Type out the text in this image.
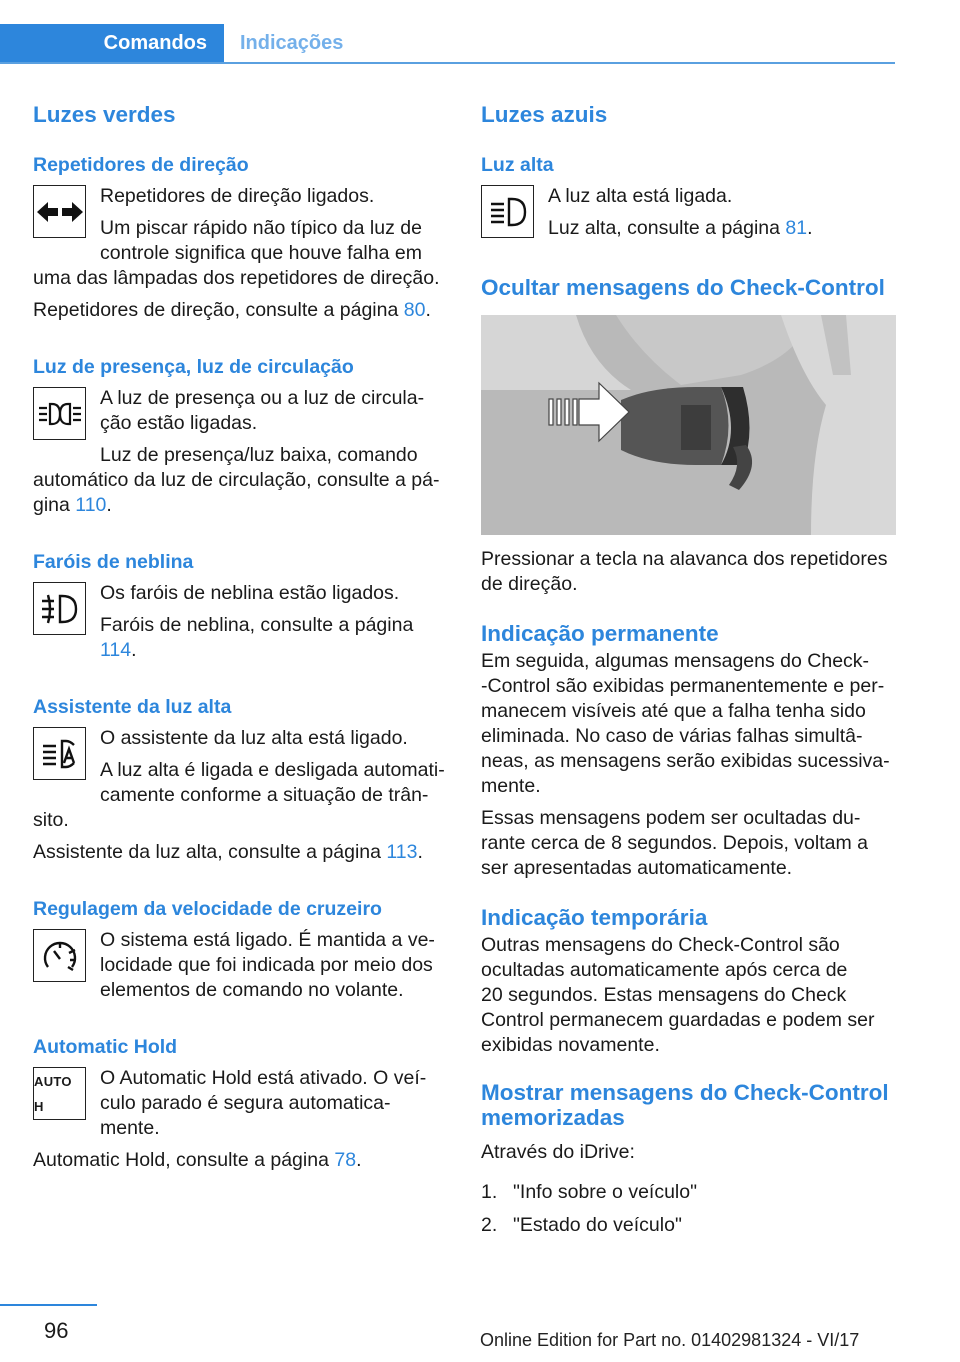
Comandos	Indicações
Luzes verdes
Repetidores de direção

Repetidores de direção ligados.

Um piscar rápido não típico da luz de

controle significa que houve falha em

uma das lâmpadas dos repetidores de direção.

Repetidores de direção, consulte a página 80.

Luz de presença, luz de circulação

A luz de presença ou a luz de circula‐

ção estão ligadas.

Luz de presença/luz baixa, comando

automático da luz de circulação, consulte a pá‐

gina 110.

Faróis de neblina

Os faróis de neblina estão ligados.

Faróis de neblina, consulte a página

114.

Assistente da luz alta

O assistente da luz alta está ligado.

A luz alta é ligada e desligada automati‐

camente conforme a situação de trân‐

sito.

Assistente da luz alta, consulte a página 113.

Regulagem da velocidade de cruzeiro

O sistema está ligado. É mantida a ve‐

locidade que foi indicada por meio dos

elementos de comando no volante.

Automatic Hold
AUTO H

O Automatic Hold está ativado. O veí‐

culo parado é segura automatica‐

mente.

Automatic Hold, consulte a página 78.

Luzes azuis
Luz alta

A luz alta está ligada.

Luz alta, consulte a página 81.

Ocultar mensagens do Check-Control

Pressionar a tecla na alavanca dos repetidores

de direção.

Indicação permanente

Em seguida, algumas mensagens do Check‐

-Control são exibidas permanentemente e per‐

manecem visíveis até que a falha tenha sido

eliminada. No caso de várias falhas simultâ‐

neas, as mensagens serão exibidas sucessiva‐

mente.

Essas mensagens podem ser ocultadas du‐

rante cerca de 8 segundos. Depois, voltam a

ser apresentadas automaticamente.

Indicação temporária

Outras mensagens do Check-Control são

ocultadas automaticamente após cerca de

20 segundos. Estas mensagens do Check

Control permanecem guardadas e podem ser

exibidas novamente.

Mostrar mensagens do Check-Control
memorizadas

Através do iDrive:

1. "Info sobre o veículo"
2. "Estado do veículo"
96	Online Edition for Part no. 01402981324 - VI/17
